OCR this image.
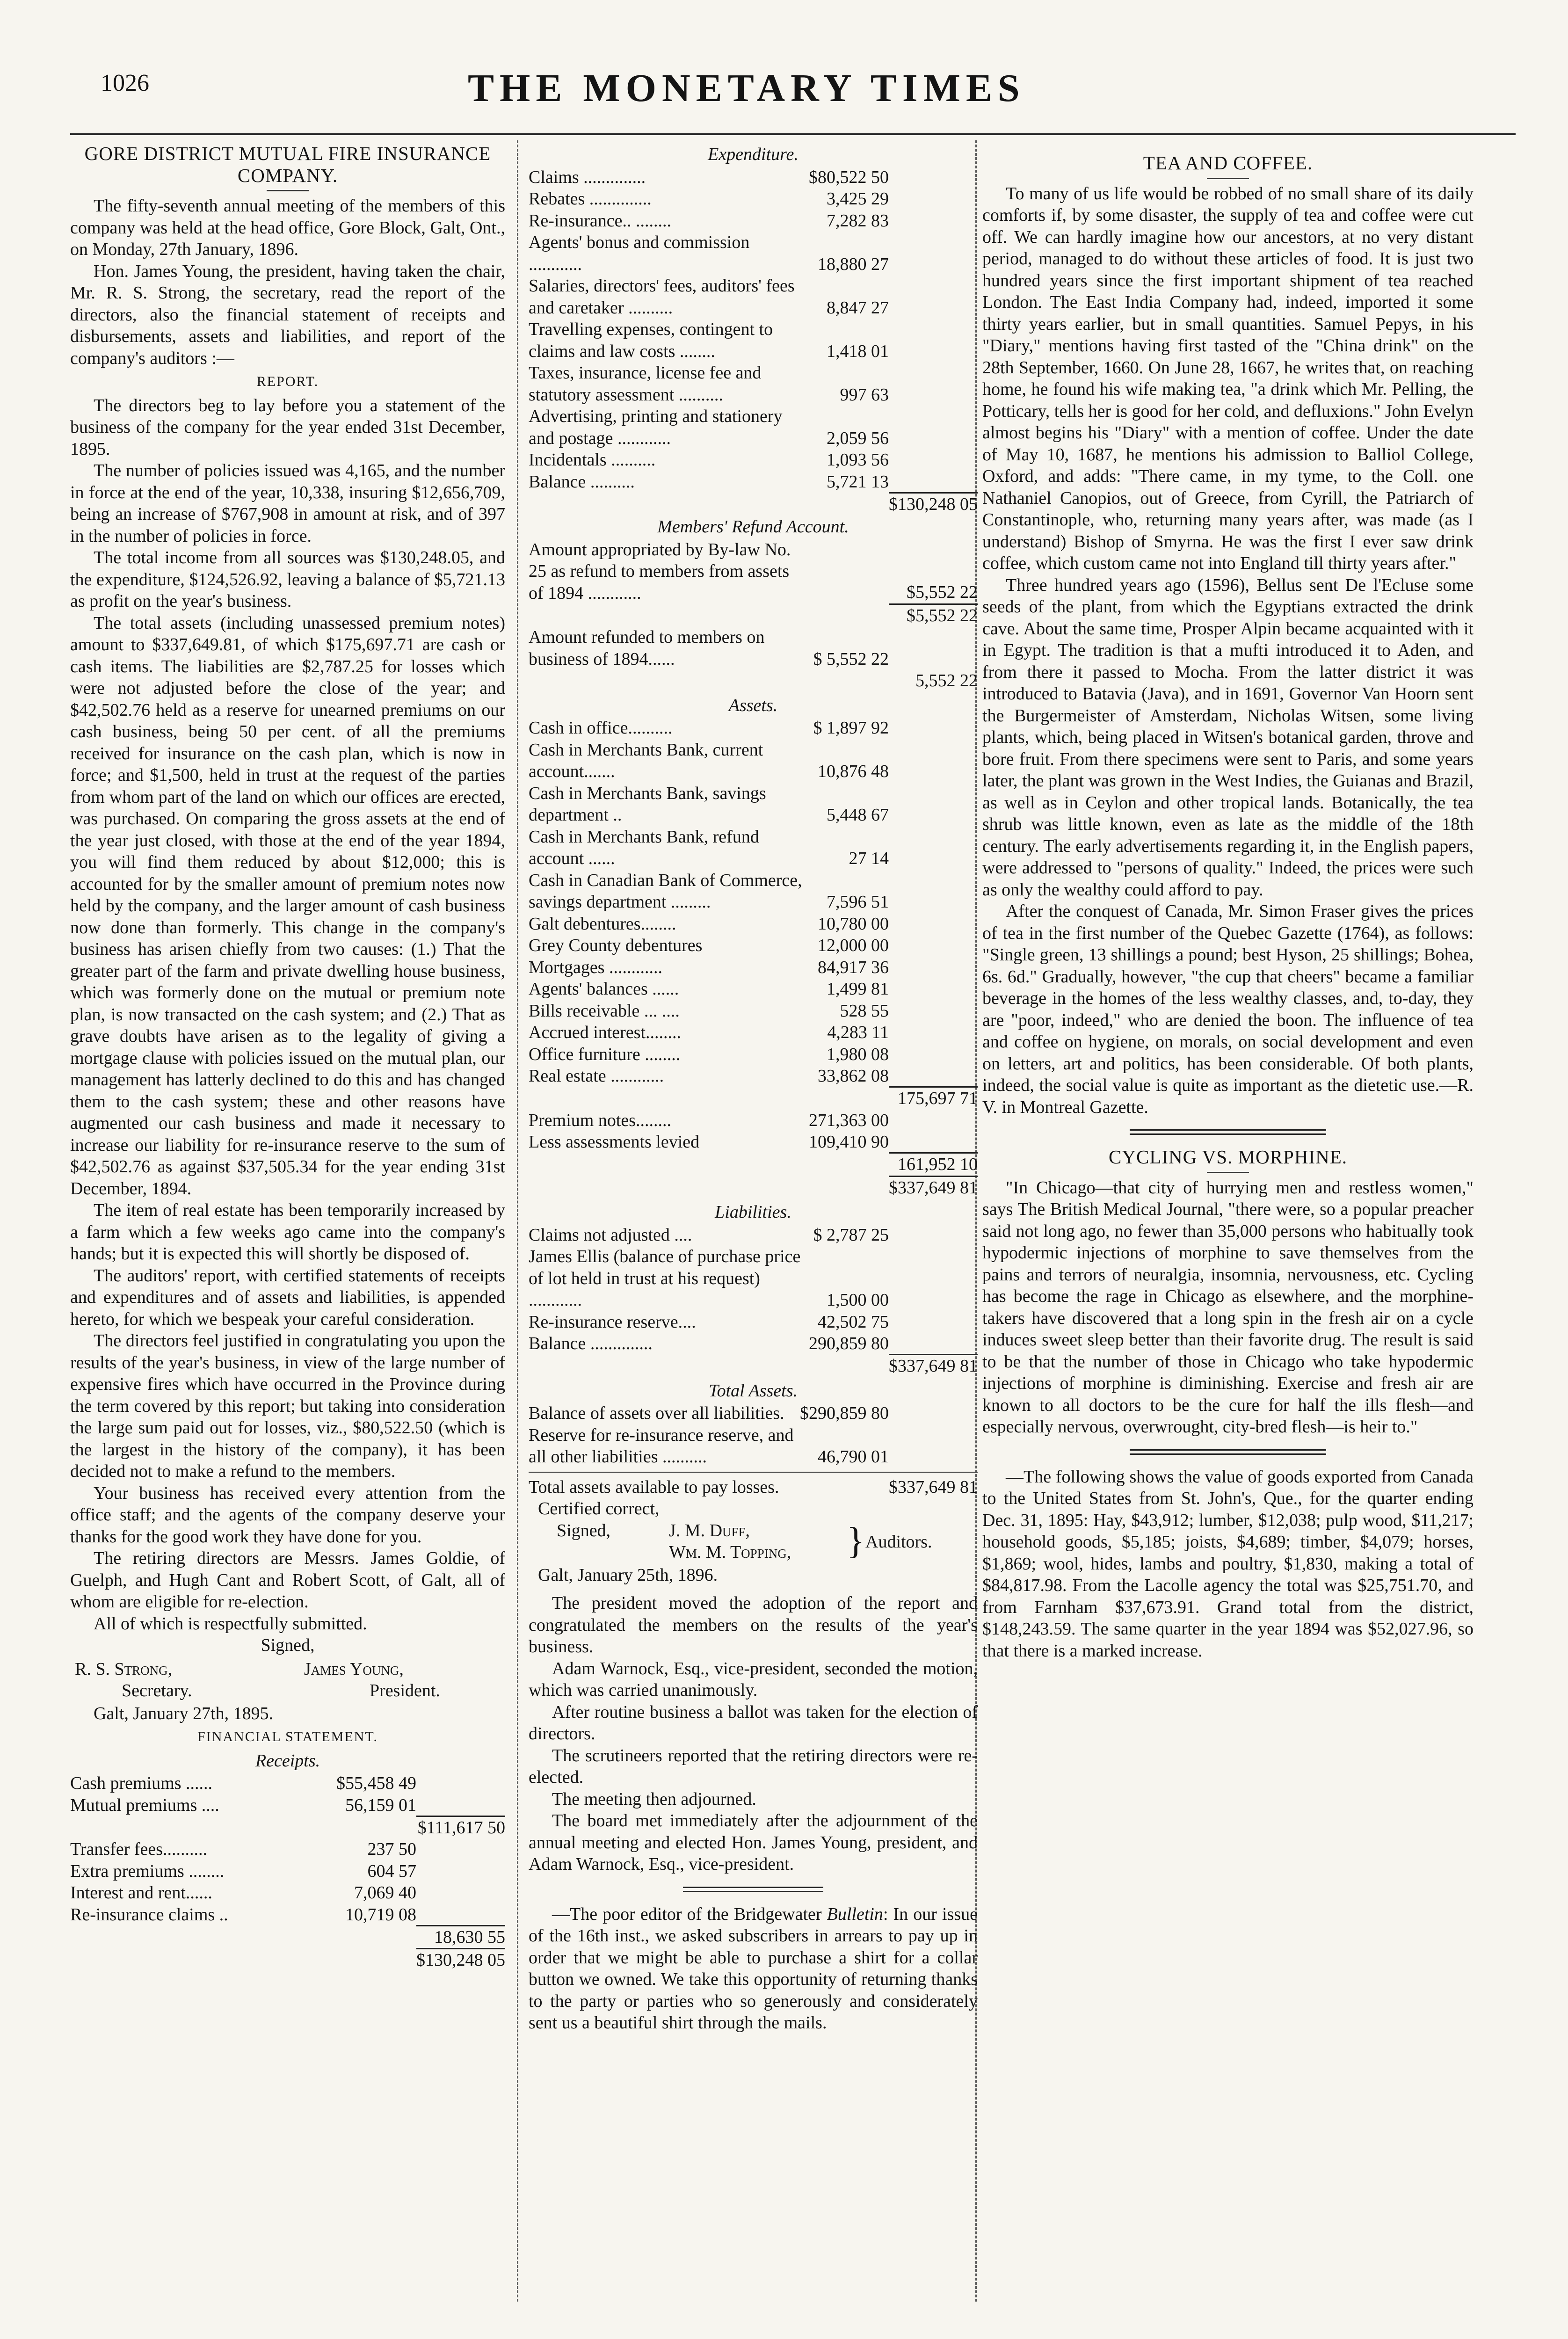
1026	THE MONETARY TIMES
GORE DISTRICT MUTUAL FIRE INSURANCE COMPANY.

The fifty-seventh annual meeting of the members of this company was held at the head office, Gore Block, Galt, Ont., on Monday, 27th January, 1896.

Hon. James Young, the president, having taken the chair, Mr. R. S. Strong, the secretary, read the report of the directors, also the financial statement of receipts and disbursements, assets and liabilities, and report of the company's auditors :—

REPORT.

The directors beg to lay before you a statement of the business of the company for the year ended 31st December, 1895.

The number of policies issued was 4,165, and the number in force at the end of the year, 10,338, insuring $12,656,709, being an increase of $767,908 in amount at risk, and of 397 in the number of policies in force.

The total income from all sources was $130,248.05, and the expenditure, $124,526.92, leaving a balance of $5,721.13 as profit on the year's business.

The total assets (including unassessed premium notes) amount to $337,649.81, of which $175,697.71 are cash or cash items. The liabilities are $2,787.25 for losses which were not adjusted before the close of the year; and $42,502.76 held as a reserve for unearned premiums on our cash business, being 50 per cent. of all the premiums received for insurance on the cash plan, which is now in force; and $1,500, held in trust at the request of the parties from whom part of the land on which our offices are erected, was purchased. On comparing the gross assets at the end of the year just closed, with those at the end of the year 1894, you will find them reduced by about $12,000; this is accounted for by the smaller amount of premium notes now held by the company, and the larger amount of cash business now done than formerly. This change in the company's business has arisen chiefly from two causes: (1.) That the greater part of the farm and private dwelling house business, which was formerly done on the mutual or premium note plan, is now transacted on the cash system; and (2.) That as grave doubts have arisen as to the legality of giving a mortgage clause with policies issued on the mutual plan, our management has latterly declined to do this and has changed them to the cash system; these and other reasons have augmented our cash business and made it necessary to increase our liability for re-insurance reserve to the sum of $42,502.76 as against $37,505.34 for the year ending 31st December, 1894.

The item of real estate has been temporarily increased by a farm which a few weeks ago came into the company's hands; but it is expected this will shortly be disposed of.

The auditors' report, with certified statements of receipts and expenditures and of assets and liabilities, is appended hereto, for which we bespeak your careful consideration.

The directors feel justified in congratulating you upon the results of the year's business, in view of the large number of expensive fires which have occurred in the Province during the term covered by this report; but taking into consideration the large sum paid out for losses, viz., $80,522.50 (which is the largest in the history of the company), it has been decided not to make a refund to the members.

Your business has received every attention from the office staff; and the agents of the company deserve your thanks for the good work they have done for you.

The retiring directors are Messrs. James Goldie, of Guelph, and Hugh Cant and Robert Scott, of Galt, all of whom are eligible for re-election.

All of which is respectfully submitted.

Signed,
R. S. Strong,	James Young,
Secretary.	President.
Galt, January 27th, 1895.
FINANCIAL STATEMENT.
Receipts.
Cash premiums ......	$55,458 49	
Mutual premiums ....	56,159 01	
		$111,617 50
Transfer fees..........	237 50	
Extra premiums ........	604 57	
Interest and rent......	7,069 40	
Re-insurance claims ..	10,719 08	
		18,630 55
		$130,248 05
Expenditure.
Claims ..............	$80,522 50	
Rebates ..............	3,425 29	
Re-insurance.. ........	7,282 83	
Agents' bonus and commission ............	18,880 27	
Salaries, directors' fees, auditors' fees and caretaker ..........	8,847 27	
Travelling expenses, contingent to claims and law costs ........	1,418 01	
Taxes, insurance, license fee and statutory assessment ..........	997 63	
Advertising, printing and stationery and postage ............	2,059 56	
Incidentals ..........	1,093 56	
Balance ..........	5,721 13	
		$130,248 05
Members' Refund Account.
Amount appropriated by By-law No. 25 as refund to members from assets of 1894 ............		$5,552 22
		$5,552 22
Amount refunded to members on business of 1894......	$ 5,552 22	
		5,552 22
Assets.
Cash in office..........	$ 1,897 92	
Cash in Merchants Bank, current account.......	10,876 48	
Cash in Merchants Bank, savings department ..	5,448 67	
Cash in Merchants Bank, refund account ......	27 14	
Cash in Canadian Bank of Commerce, savings department .........	7,596 51	
Galt debentures........	10,780 00	
Grey County debentures	12,000 00	
Mortgages ............	84,917 36	
Agents' balances ......	1,499 81	
Bills receivable ... ....	528 55	
Accrued interest........	4,283 11	
Office furniture ........	1,980 08	
Real estate ............	33,862 08	
		175,697 71
Premium notes........	271,363 00	
Less assessments levied	109,410 90	
		161,952 10
		$337,649 81
Liabilities.
Claims not adjusted ....	$ 2,787 25	
James Ellis (balance of purchase price of lot held in trust at his request) ............	1,500 00	
Re-insurance reserve....	42,502 75	
Balance ..............	290,859 80	
		$337,649 81
Total Assets.
Balance of assets over all liabilities.	$290,859 80	
Reserve for re-insurance reserve, and all other liabilities ..........	46,790 01	
Total assets available to pay losses.	$337,649 81
Certified correct,
Signed,	J. M. Duff,
Wm. M. Topping, } Auditors.
Galt, January 25th, 1896.

The president moved the adoption of the report and congratulated the members on the results of the year's business.

Adam Warnock, Esq., vice-president, seconded the motion, which was carried unanimously.

After routine business a ballot was taken for the election of directors.

The scrutineers reported that the retiring directors were re-elected.

The meeting then adjourned.

The board met immediately after the adjournment of the annual meeting and elected Hon. James Young, president, and Adam Warnock, Esq., vice-president.

—The poor editor of the Bridgewater Bulletin: In our issue of the 16th inst., we asked subscribers in arrears to pay up in order that we might be able to purchase a shirt for a collar button we owned. We take this opportunity of returning thanks to the party or parties who so generously and considerately sent us a beautiful shirt through the mails.

TEA AND COFFEE.

To many of us life would be robbed of no small share of its daily comforts if, by some disaster, the supply of tea and coffee were cut off. We can hardly imagine how our ancestors, at no very distant period, managed to do without these articles of food. It is just two hundred years since the first important shipment of tea reached London. The East India Company had, indeed, imported it some thirty years earlier, but in small quantities. Samuel Pepys, in his "Diary," mentions having first tasted of the "China drink" on the 28th September, 1660. On June 28, 1667, he writes that, on reaching home, he found his wife making tea, "a drink which Mr. Pelling, the Potticary, tells her is good for her cold, and defluxions." John Evelyn almost begins his "Diary" with a mention of coffee. Under the date of May 10, 1687, he mentions his admission to Balliol College, Oxford, and adds: "There came, in my tyme, to the Coll. one Nathaniel Canopios, out of Greece, from Cyrill, the Patriarch of Constantinople, who, returning many years after, was made (as I understand) Bishop of Smyrna. He was the first I ever saw drink coffee, which custom came not into England till thirty years after."

Three hundred years ago (1596), Bellus sent De l'Ecluse some seeds of the plant, from which the Egyptians extracted the drink cave. About the same time, Prosper Alpin became acquainted with it in Egypt. The tradition is that a mufti introduced it to Aden, and from there it passed to Mocha. From the latter district it was introduced to Batavia (Java), and in 1691, Governor Van Hoorn sent the Burgermeister of Amsterdam, Nicholas Witsen, some living plants, which, being placed in Witsen's botanical garden, throve and bore fruit. From there specimens were sent to Paris, and some years later, the plant was grown in the West Indies, the Guianas and Brazil, as well as in Ceylon and other tropical lands. Botanically, the tea shrub was little known, even as late as the middle of the 18th century. The early advertisements regarding it, in the English papers, were addressed to "persons of quality." Indeed, the prices were such as only the wealthy could afford to pay.

After the conquest of Canada, Mr. Simon Fraser gives the prices of tea in the first number of the Quebec Gazette (1764), as follows: "Single green, 13 shillings a pound; best Hyson, 25 shillings; Bohea, 6s. 6d." Gradually, however, "the cup that cheers" became a familiar beverage in the homes of the less wealthy classes, and, to-day, they are "poor, indeed," who are denied the boon. The influence of tea and coffee on hygiene, on morals, on social development and even on letters, art and politics, has been considerable. Of both plants, indeed, the social value is quite as important as the dietetic use.—R. V. in Montreal Gazette.

CYCLING VS. MORPHINE.

"In Chicago—that city of hurrying men and restless women," says The British Medical Journal, "there were, so a popular preacher said not long ago, no fewer than 35,000 persons who habitually took hypodermic injections of morphine to save themselves from the pains and terrors of neuralgia, insomnia, nervousness, etc. Cycling has become the rage in Chicago as elsewhere, and the morphine-takers have discovered that a long spin in the fresh air on a cycle induces sweet sleep better than their favorite drug. The result is said to be that the number of those in Chicago who take hypodermic injections of morphine is diminishing. Exercise and fresh air are known to all doctors to be the cure for half the ills flesh—and especially nervous, overwrought, city-bred flesh—is heir to."

—The following shows the value of goods exported from Canada to the United States from St. John's, Que., for the quarter ending Dec. 31, 1895: Hay, $43,912; lumber, $12,038; pulp wood, $11,217; household goods, $5,185; joists, $4,689; timber, $4,079; horses, $1,869; wool, hides, lambs and poultry, $1,830, making a total of $84,817.98. From the Lacolle agency the total was $25,751.70, and from Farnham $37,673.91. Grand total from the district, $148,243.59. The same quarter in the year 1894 was $52,027.96, so that there is a marked increase.
